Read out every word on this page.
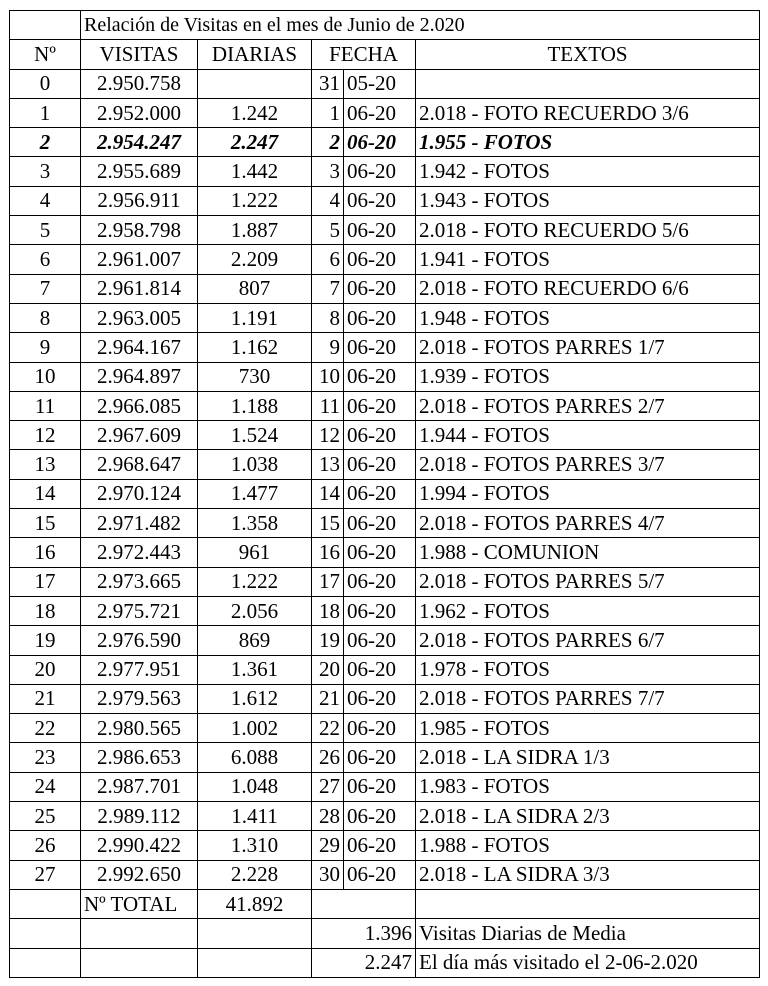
	Relación de Visitas en el mes de Junio de 2.020				
Nº	VISITAS	DIARIAS	FECHA		TEXTOS
0	2.950.758		31	05-20	
1	2.952.000	1.242	1	06-20	2.018 - FOTO RECUERDO 3/6
2	2.954.247	2.247	2	06-20	1.955 - FOTOS
3	2.955.689	1.442	3	06-20	1.942 - FOTOS
4	2.956.911	1.222	4	06-20	1.943 - FOTOS
5	2.958.798	1.887	5	06-20	2.018 - FOTO RECUERDO 5/6
6	2.961.007	2.209	6	06-20	1.941 - FOTOS
7	2.961.814	807	7	06-20	2.018 - FOTO RECUERDO 6/6
8	2.963.005	1.191	8	06-20	1.948 - FOTOS
9	2.964.167	1.162	9	06-20	2.018 - FOTOS PARRES 1/7
10	2.964.897	730	10	06-20	1.939 - FOTOS
11	2.966.085	1.188	11	06-20	2.018 - FOTOS PARRES 2/7
12	2.967.609	1.524	12	06-20	1.944 - FOTOS
13	2.968.647	1.038	13	06-20	2.018 - FOTOS PARRES 3/7
14	2.970.124	1.477	14	06-20	1.994 - FOTOS
15	2.971.482	1.358	15	06-20	2.018 - FOTOS PARRES 4/7
16	2.972.443	961	16	06-20	1.988 - COMUNION
17	2.973.665	1.222	17	06-20	2.018 - FOTOS PARRES 5/7
18	2.975.721	2.056	18	06-20	1.962 - FOTOS
19	2.976.590	869	19	06-20	2.018 - FOTOS PARRES 6/7
20	2.977.951	1.361	20	06-20	1.978 - FOTOS
21	2.979.563	1.612	21	06-20	2.018 - FOTOS PARRES 7/7
22	2.980.565	1.002	22	06-20	1.985 - FOTOS
23	2.986.653	6.088	26	06-20	2.018 - LA SIDRA 1/3
24	2.987.701	1.048	27	06-20	1.983 - FOTOS
25	2.989.112	1.411	28	06-20	2.018 - LA SIDRA 2/3
26	2.990.422	1.310	29	06-20	1.988 - FOTOS
27	2.992.650	2.228	30	06-20	2.018 - LA SIDRA 3/3
	Nº TOTAL	41.892			
			1.396		Visitas Diarias de Media
			2.247		El día más visitado el 2-06-2.020
